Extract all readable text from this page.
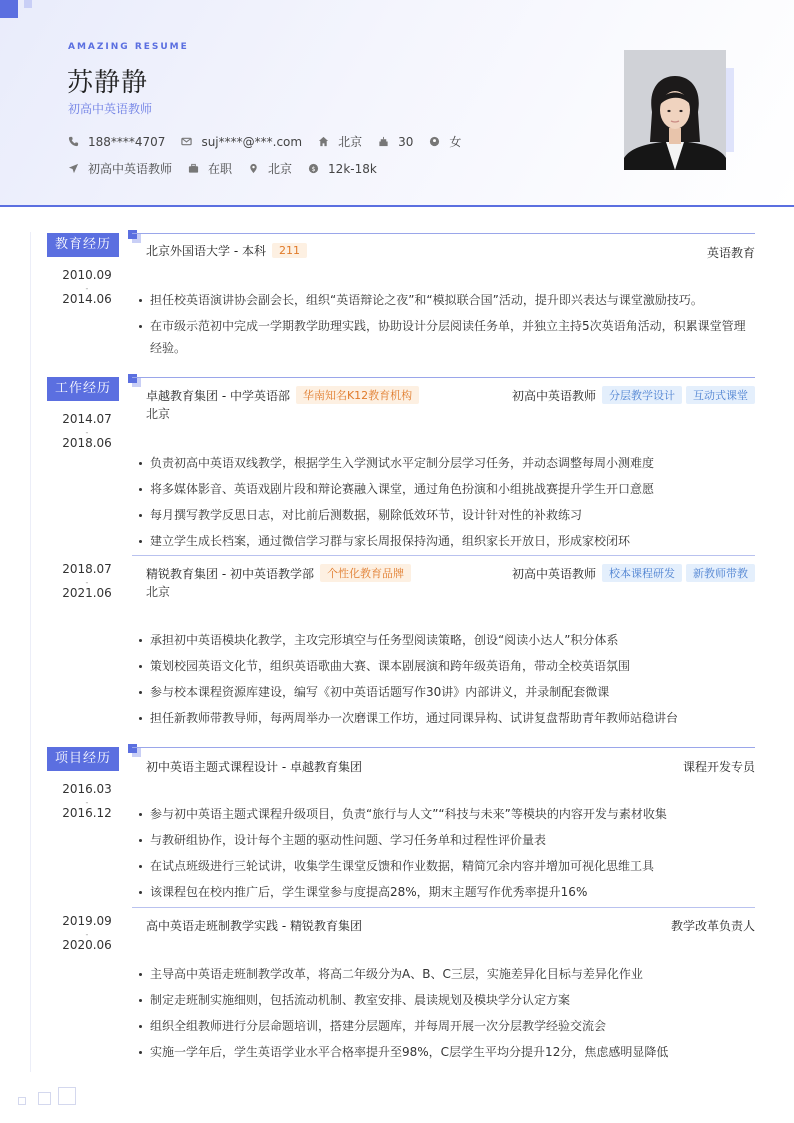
AMAZING RESUME
苏静静
初高中英语教师
188****4707	suj****@***.com	北京	30	女
初高中英语教师	在职	北京	$ 12k-18k
教育经历
2010.09
-
2014.06
北京外国语大学 - 本科	211	英语教育
担任校英语演讲协会副会长，组织“英语辩论之夜”和“模拟联合国”活动，提升即兴表达与课堂激励技巧。
在市级示范初中完成一学期教学助理实践，协助设计分层阅读任务单，并独立主持5次英语角活动，积累课堂管理经验。
工作经历
2014.07
-
2018.06
卓越教育集团 - 中学英语部	华南知名K12教育机构
北京
初高中英语教师	分层教学设计	互动式课堂
负责初高中英语双线教学，根据学生入学测试水平定制分层学习任务，并动态调整每周小测难度
将多媒体影音、英语戏剧片段和辩论赛融入课堂，通过角色扮演和小组挑战赛提升学生开口意愿
每月撰写教学反思日志，对比前后测数据，剔除低效环节，设计针对性的补救练习
建立学生成长档案，通过微信学习群与家长周报保持沟通，组织家长开放日，形成家校闭环
2018.07
-
2021.06
精锐教育集团 - 初中英语教学部	个性化教育品牌
北京
初高中英语教师	校本课程研发	新教师带教
承担初中英语模块化教学，主攻完形填空与任务型阅读策略，创设“阅读小达人”积分体系
策划校园英语文化节，组织英语歌曲大赛、课本剧展演和跨年级英语角，带动全校英语氛围
参与校本课程资源库建设，编写《初中英语话题写作30讲》内部讲义，并录制配套微课
担任新教师带教导师，每两周举办一次磨课工作坊，通过同课异构、试讲复盘帮助青年教师站稳讲台
项目经历
2016.03
-
2016.12
初中英语主题式课程设计 - 卓越教育集团	课程开发专员
参与初中英语主题式课程升级项目，负责“旅行与人文”“科技与未来”等模块的内容开发与素材收集
与教研组协作，设计每个主题的驱动性问题、学习任务单和过程性评价量表
在试点班级进行三轮试讲，收集学生课堂反馈和作业数据，精简冗余内容并增加可视化思维工具
该课程包在校内推广后，学生课堂参与度提高28%，期末主题写作优秀率提升16%
2019.09
-
2020.06
高中英语走班制教学实践 - 精锐教育集团	教学改革负责人
主导高中英语走班制教学改革，将高二年级分为A、B、C三层，实施差异化目标与差异化作业
制定走班制实施细则，包括流动机制、教室安排、晨读规划及模块学分认定方案
组织全组教师进行分层命题培训，搭建分层题库，并每周开展一次分层教学经验交流会
实施一学年后，学生英语学业水平合格率提升至98%，C层学生平均分提升12分，焦虑感明显降低
